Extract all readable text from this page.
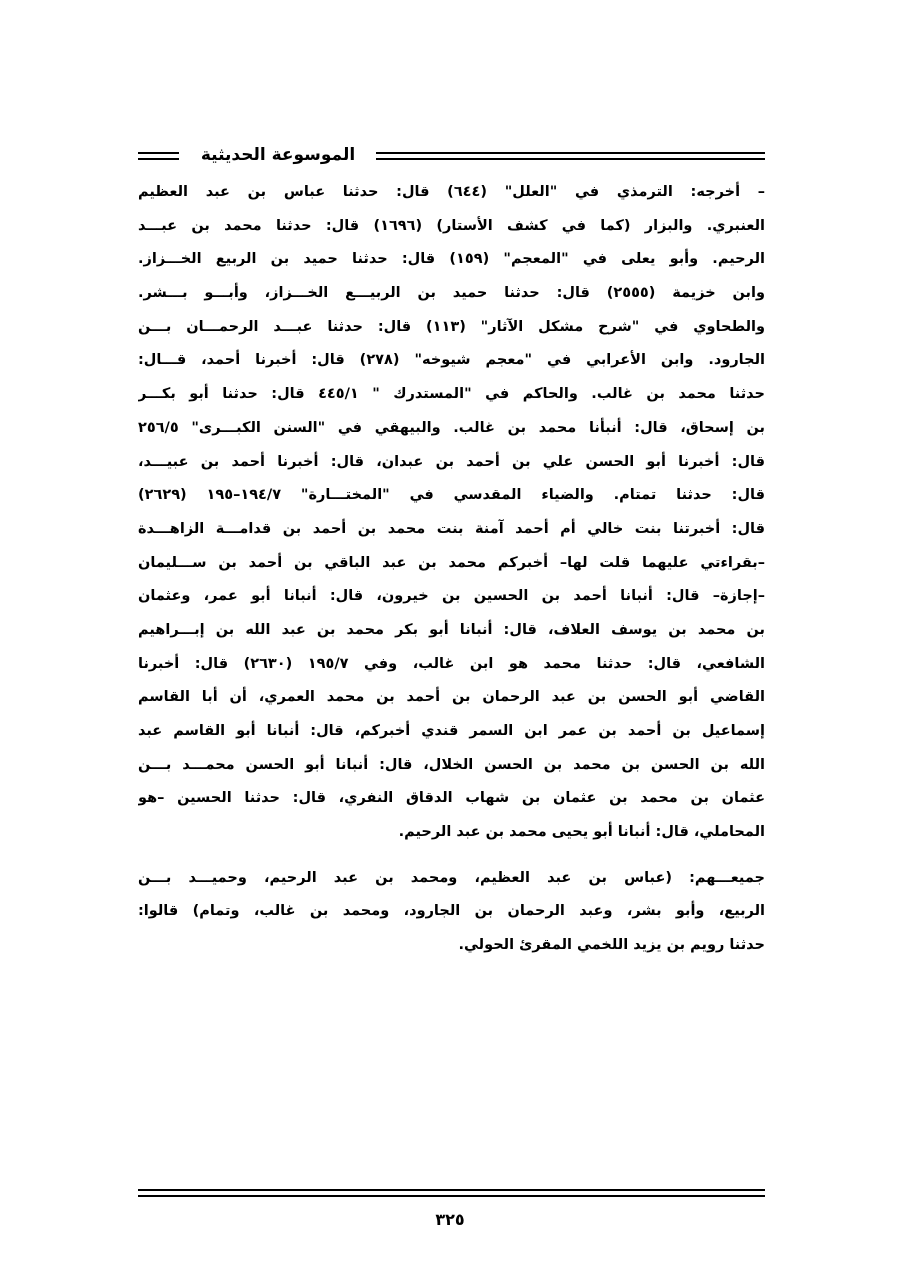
الموسوعة الحديثية
– أخرجه: الترمذي في "العلل" (٦٤٤) قال: حدثنا عباس بن عبد العظيم
العنبري. والبزار (كما في كشف الأستار) (١٦٩٦) قال: حدثنا محمد بن عبـــد
الرحيم. وأبو يعلى في "المعجم" (١٥٩) قال: حدثنا حميد بن الربيع الخـــزاز.
وابن خزيمة (٢٥٥٥) قال: حدثنا حميد بن الربيـــع الخـــزاز، وأبـــو بـــشر.
والطحاوي في "شرح مشكل الآثار" (١١٣) قال: حدثنا عبـــد الرحمـــان بـــن
الجارود. وابن الأعرابي في "معجم شيوخه" (٢٧٨) قال: أخبرنا أحمد، قـــال:
حدثنا محمد بن غالب. والحاكم في "المستدرك " ٤٤٥/١ قال: حدثنا أبو بكـــر
بن إسحاق، قال: أنبأنا محمد بن غالب. والبيهقي في "السنن الكبـــرى" ٢٥٦/٥
قال: أخبرنا أبو الحسن علي بن أحمد بن عبدان، قال: أخبرنا أحمد بن عبيـــد،
قال: حدثنا تمتام. والضياء المقدسي في "المختـــارة" ١٩٤/٧–١٩٥ (٢٦٢٩)
قال: أخبرتنا بنت خالي أم أحمد آمنة بنت محمد بن أحمد بن قدامـــة الزاهـــدة
–بقراءتي عليهما قلت لها– أخبركم محمد بن عبد الباقي بن أحمد بن ســـليمان
–إجازة– قال: أنبانا أحمد بن الحسين بن خيرون، قال: أنبانا أبو عمر، وعثمان
بن محمد بن يوسف العلاف، قال: أنبانا أبو بكر محمد بن عبد الله بن إبـــراهيم
الشافعي، قال: حدثنا محمد هو ابن غالب، وفي ١٩٥/٧ (٢٦٣٠) قال: أخبرنا
القاضي أبو الحسن بن عبد الرحمان بن أحمد بن محمد العمري، أن أبا القاسم
إسماعيل بن أحمد بن عمر ابن السمر قندي أخبركم، قال: أنبانا أبو القاسم عبد
الله بن الحسن بن محمد بن الحسن الخلال، قال: أنبانا أبو الحسن محمـــد بـــن
عثمان بن محمد بن عثمان بن شهاب الدقاق النفري، قال: حدثنا الحسين –هو
المحاملي، قال: أنبانا أبو يحيى محمد بن عبد الرحيم.
جميعـــهم: (عباس بن عبد العظيم، ومحمد بن عبد الرحيم، وحميـــد بـــن
الربيع، وأبو بشر، وعبد الرحمان بن الجارود، ومحمد بن غالب، وتمام) قالوا:
حدثنا رويم بن يزيد اللخمي المقرئ الحولي.
٣٢٥
